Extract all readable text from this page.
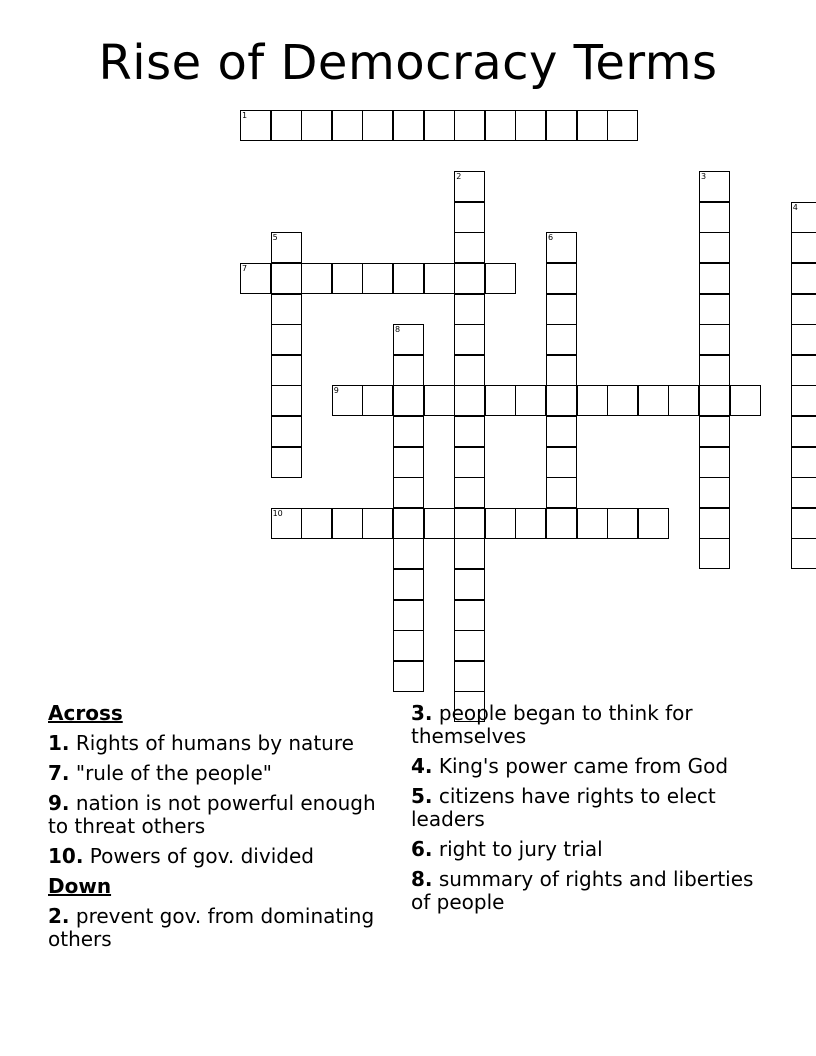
Rise of Democracy Terms
1
2	3
4
5	6
7
8
9
10
Across
1. Rights of humans by nature
7. "rule of the people"
9. nation is not powerful enough to threat others
10. Powers of gov. divided
Down
2. prevent gov. from dominating others
3. people began to think for themselves
4. King's power came from God
5. citizens have rights to elect leaders
6. right to jury trial
8. summary of rights and liberties of people
